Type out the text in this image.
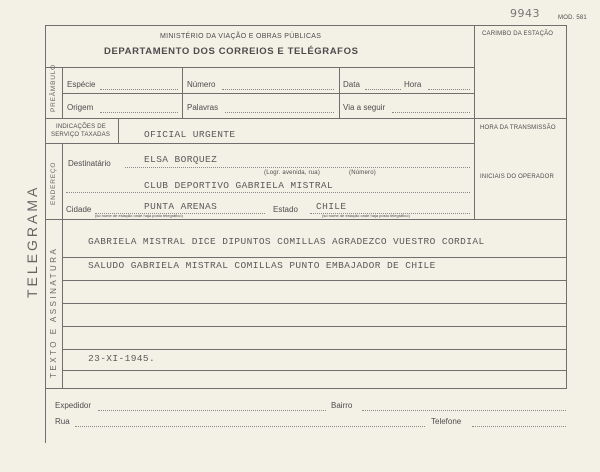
9943	MOD. 581
MINISTÉRIO DA VIAÇÃO E OBRAS PÚBLICAS
DEPARTAMENTO DOS CORREIOS E TELÉGRAFOS
CARIMBO DA ESTAÇÃO
PREÂMBULO Espécie	Número	Data	Hora
Origem	Palavras	Via a seguir
HORA DA TRANSMISSÃO
INICIAIS DO OPERADOR
INDICAÇÕES DE
SERVIÇO TAXADAS	OFICIAL URGENTE
ENDEREÇO Destinatário	ELSA BORQUEZ
(Logr. avenida, rua)	(Número)
CLUB DEPORTIVO GABRIELA MISTRAL
Cidade	PUNTA ARENAS	Estado CHILE
(só nome de estação onde haja posto telegráfico)	(só nome de estação onde haja posto telegráfico)
TEXTO E ASSINATURA
TELEGRAMA	GABRIELA MISTRAL DICE DIPUNTOS COMILLAS AGRADEZCO VUESTRO CORDIAL
SALUDO GABRIELA MISTRAL COMILLAS PUNTO EMBAJADOR DE CHILE
23-XI-1945.
Expedidor	Bairro
Rua	Telefone
